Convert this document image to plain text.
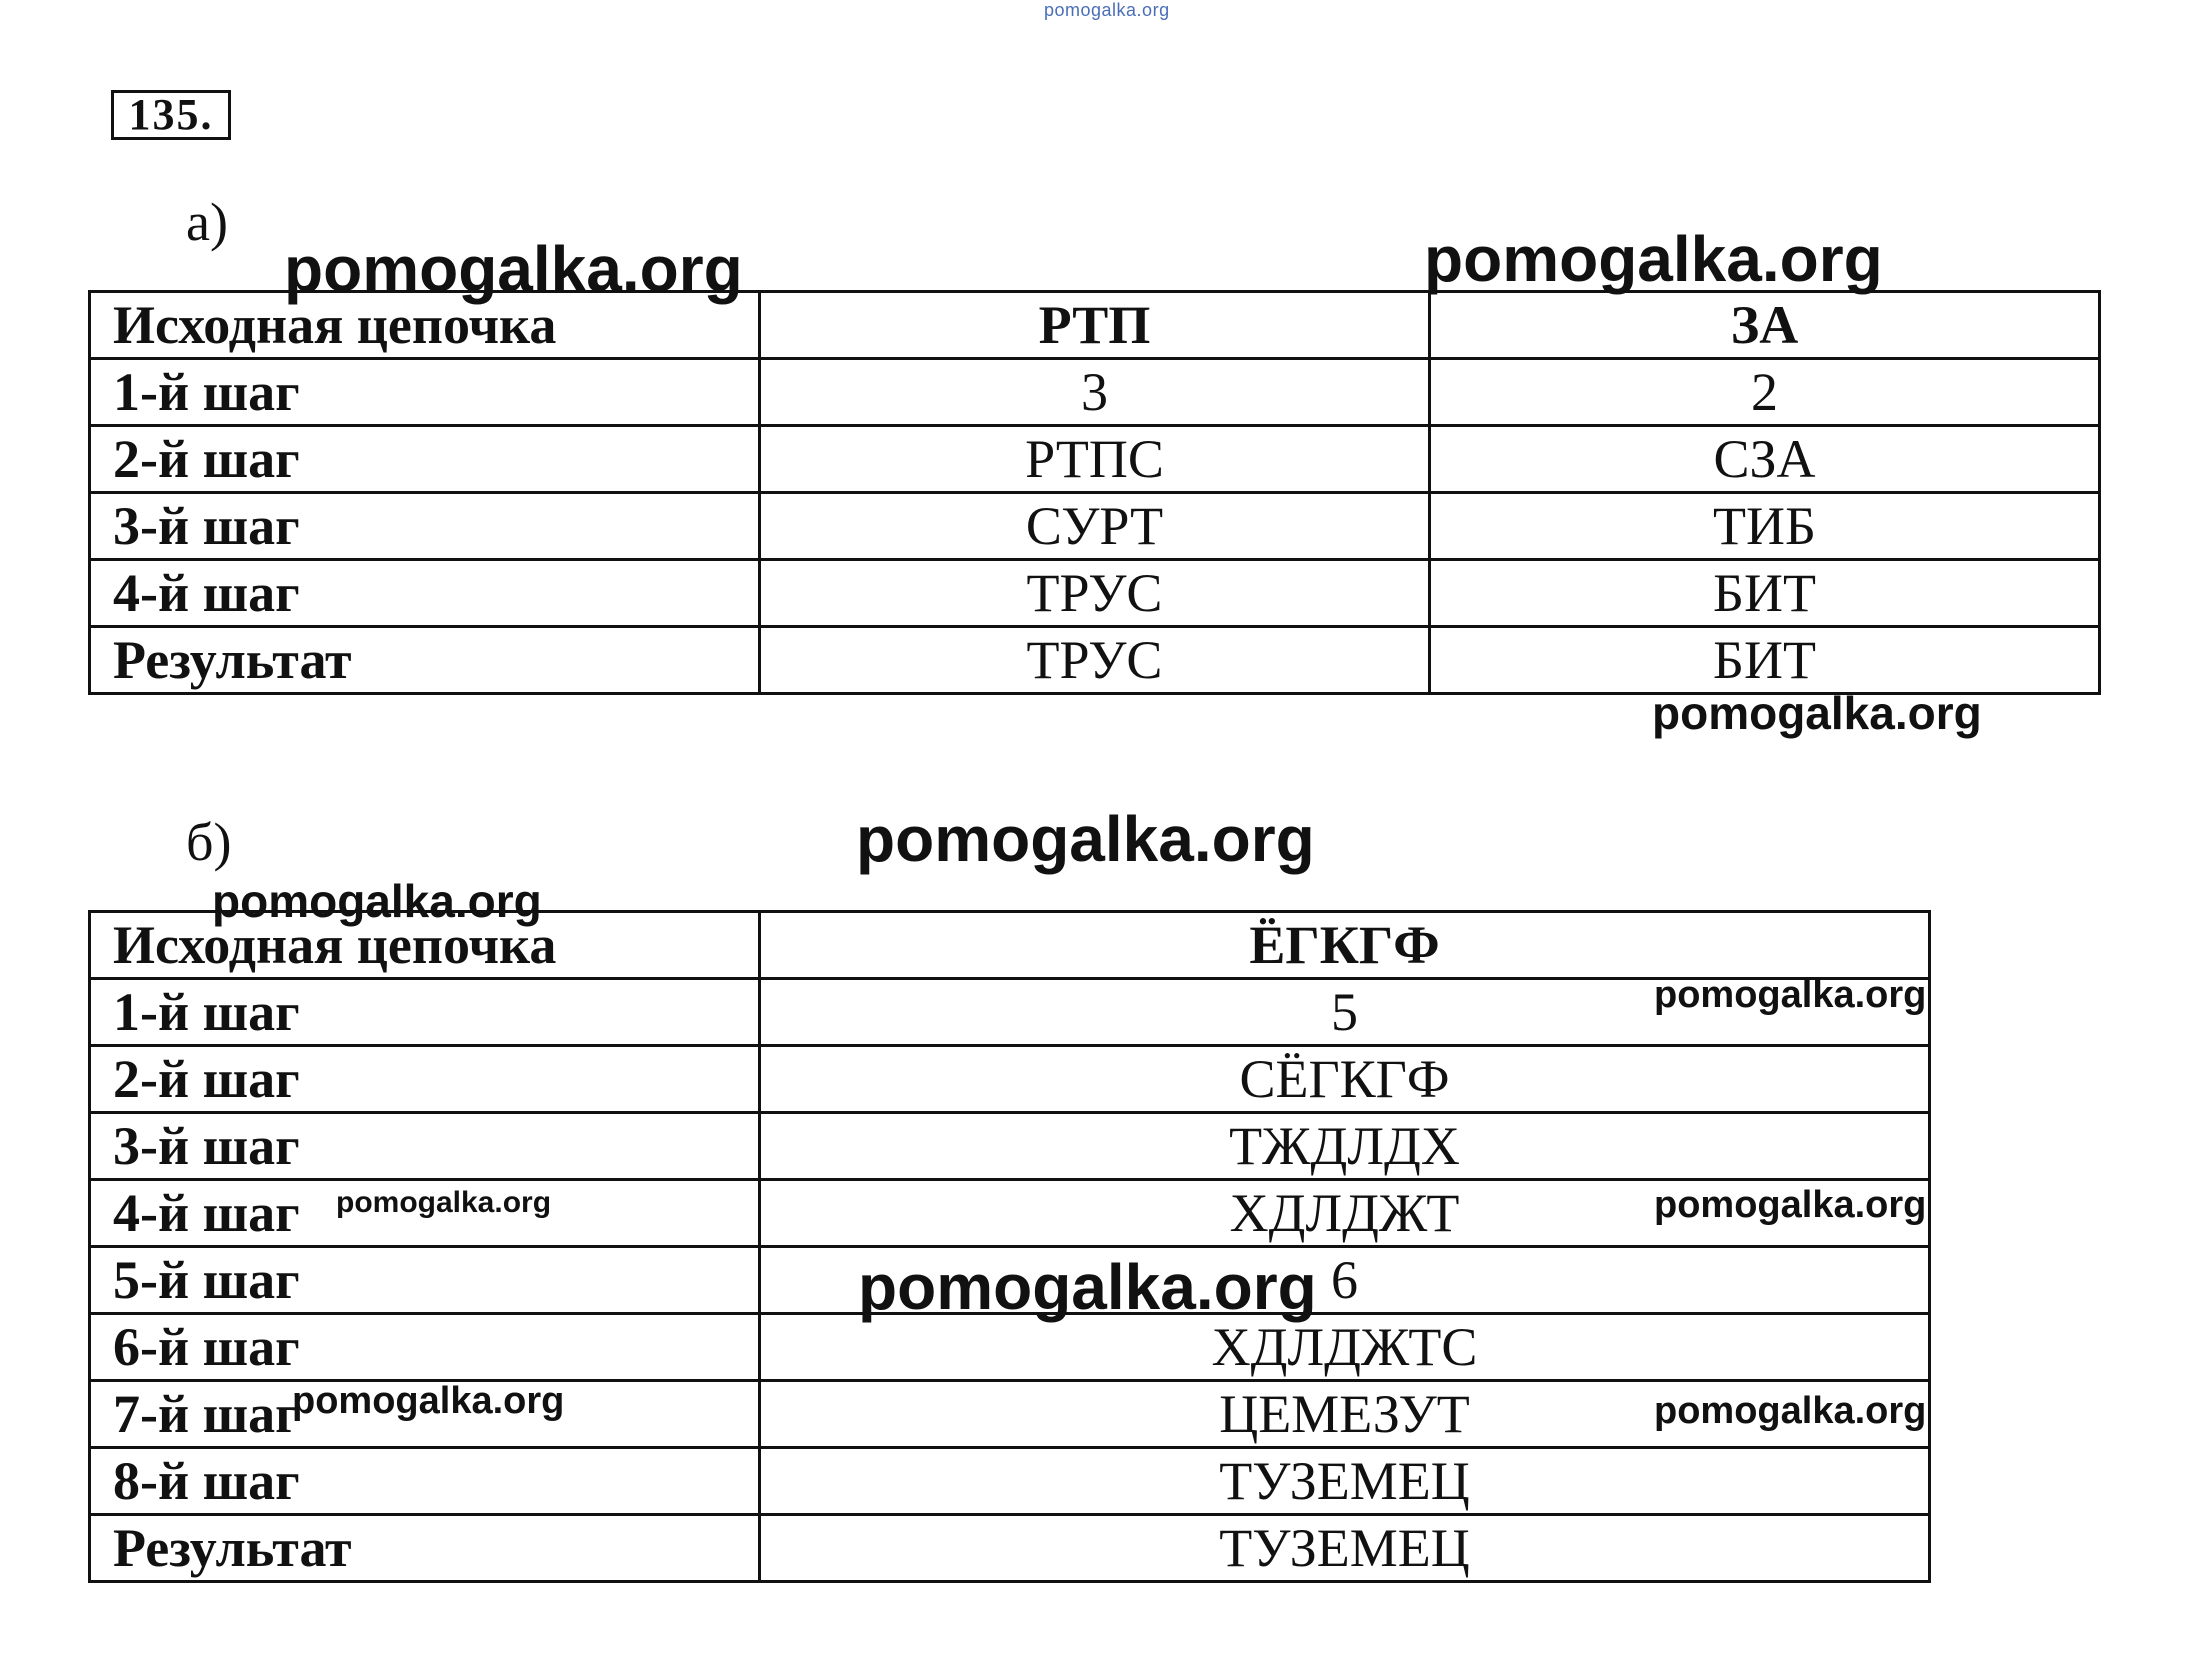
pomogalka.org
135.
а)
Исходная цепочка	РТП	ЗА
1-й шаг	3	2
2-й шаг	РТПС	СЗА
3-й шаг	СУРТ	ТИБ
4-й шаг	ТРУС	БИТ
Результат	ТРУС	БИТ
б)
Исходная цепочка	ЁГКГФ
1-й шаг	5
2-й шаг	СЁГКГФ
3-й шаг	ТЖДЛДХ
4-й шаг	ХДЛДЖТ
5-й шаг	6
6-й шаг	ХДЛДЖТС
7-й шаг	ЦЕМЕЗУТ
8-й шаг	ТУЗЕМЕЦ
Результат	ТУЗЕМЕЦ
pomogalka.org	pomogalka.org
pomogalka.org
pomogalka.org
pomogalka.org
pomogalka.org
pomogalka.org	pomogalka.org
pomogalka.org
pomogalka.org	pomogalka.org
